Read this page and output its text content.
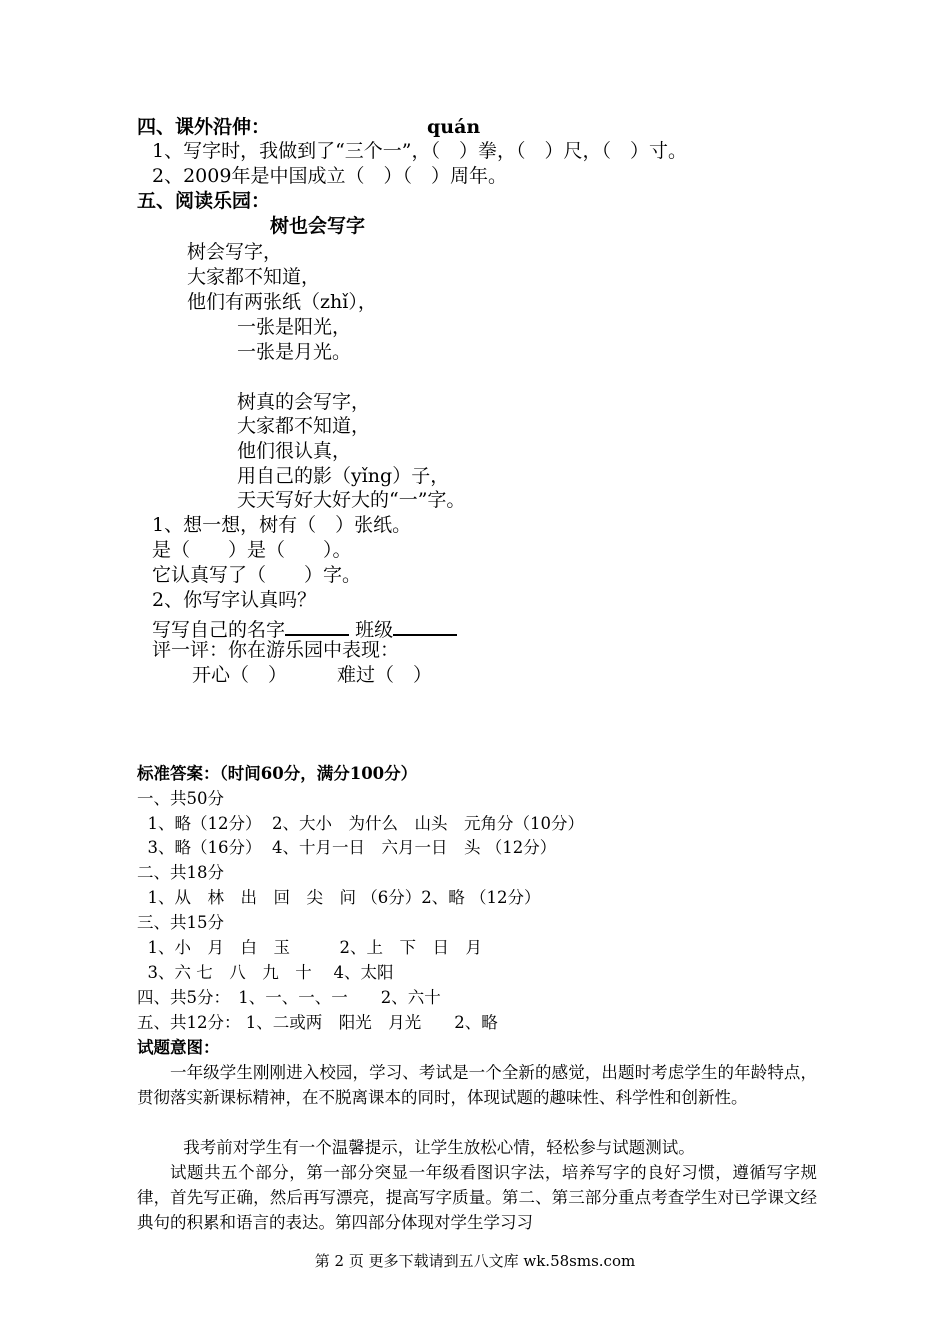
四、课外沿伸：	quán
1、写字时，我做到了“三个一”，（　）拳，（　）尺，（　）寸。
2、2009年是中国成立（　）（　）周年。
五、阅读乐园：
树也会写字
树会写字，
大家都不知道，
他们有两张纸（zhǐ），
一张是阳光，
一张是月光。
树真的会写字，
大家都不知道，
他们很认真，
用自己的影（yǐng）子，
天天写好大好大的“一”字。
1、想一想，树有（　）张纸。
是（　　）是（　　）。
它认真写了（　　）字。
2、你写字认真吗？
写写自己的名字	班级
评一评：你在游乐园中表现：
开心（　）	难过（　）
标准答案：（时间60分，满分100分）
一、共50分
1、略（12分）  2、大小　为什么　山头　元角分（10分）
3、略（16分）  4、十月一日　六月一日　头 （12分）
二、共18分
1、从　林　出　回　尖　问 （6分）2、略 （12分）
三、共15分
1、小　月　白　玉　　　2、上　下　日　月
3、六 七　八　九　十　 4、太阳
四、共5分：　1、一、一、一　　2、六十
五、共12分： 1、二或两　阳光　月光　　2、略
试题意图：
一年级学生刚刚进入校园，学习、考试是一个全新的感觉，出题时考虑学生的年龄特点，贯彻落实新课标精神，在不脱离课本的同时，体现试题的趣味性、科学性和创新性。
我考前对学生有一个温馨提示，让学生放松心情，轻松参与试题测试。
试题共五个部分，第一部分突显一年级看图识字法，培养写字的良好习惯，遵循写字规律，首先写正确，然后再写漂亮，提高写字质量。第二、第三部分重点考查学生对已学课文经典句的积累和语言的表达。第四部分体现对学生学习习
第 2 页 更多下载请到五八文库 wk.58sms.com
